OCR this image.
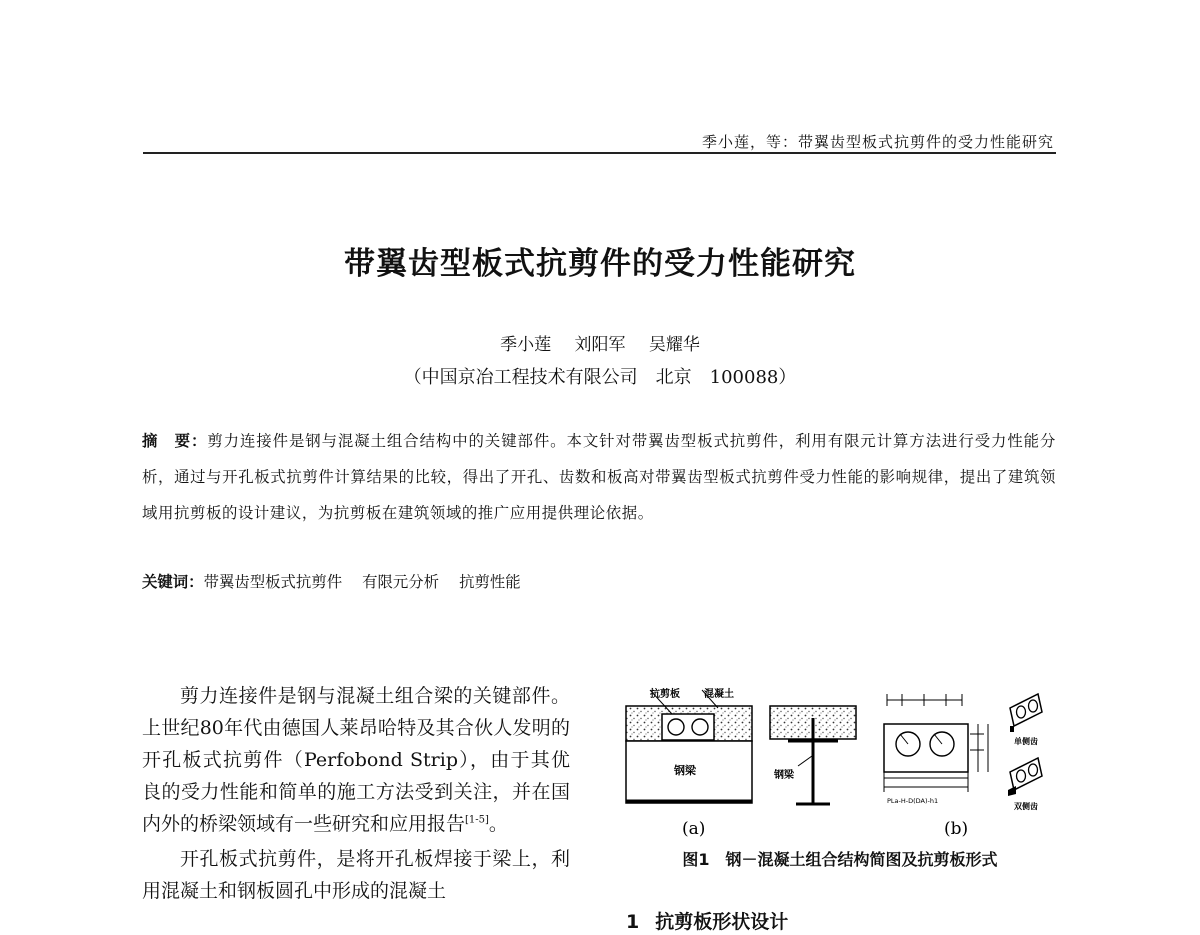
季小莲，等：带翼齿型板式抗剪件的受力性能研究
带翼齿型板式抗剪件的受力性能研究
季小莲 刘阳军 吴耀华
（中国京冶工程技术有限公司　北京　100088）
摘　要：剪力连接件是钢与混凝土组合结构中的关键部件。本文针对带翼齿型板式抗剪件，利用有限元计算方法进行受力性能分析，通过与开孔板式抗剪件计算结果的比较，得出了开孔、齿数和板高对带翼齿型板式抗剪件受力性能的影响规律，提出了建筑领域用抗剪板的设计建议，为抗剪板在建筑领域的推广应用提供理论依据。
关键词：带翼齿型板式抗剪件 有限元分析 抗剪性能

剪力连接件是钢与混凝土组合梁的关键部件。上世纪80年代由德国人莱昂哈特及其合伙人发明的开孔板式抗剪件（Perfobond Strip），由于其优良的受力性能和简单的施工方法受到关注，并在国内外的桥梁领域有一些研究和应用报告[1-5]。

开孔板式抗剪件，是将开孔板焊接于梁上，利用混凝土和钢板圆孔中形成的混凝土

抗剪板 混凝土
钢梁	钢梁
PLa-H-D(DA)-h1
单侧齿
双侧齿
(a)	(b)
图1　钢－混凝土组合结构简图及抗剪板形式
1 抗剪板形状设计
